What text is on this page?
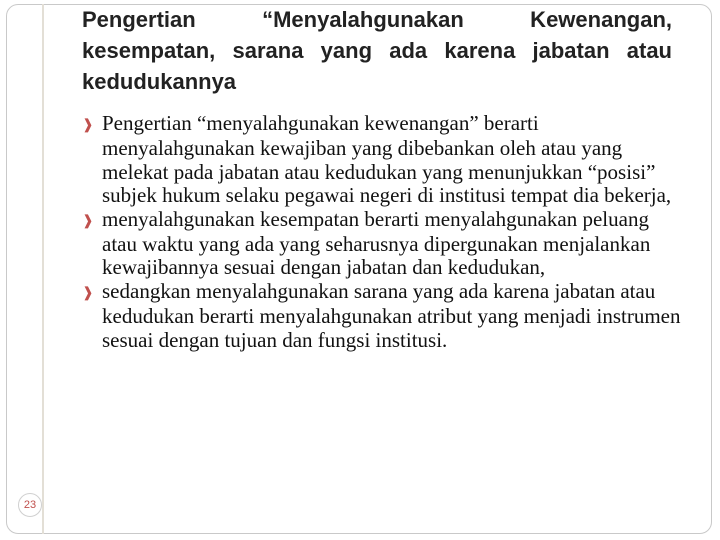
Pengertian “Menyalahgunakan Kewenangan, kesempatan, sarana yang ada karena jabatan atau kedudukannya
❱ Pengertian “menyalahgunakan kewenangan” berarti menyalahgunakan kewajiban yang dibebankan oleh atau yang melekat pada jabatan atau kedudukan yang menunjukkan “posisi” subjek hukum selaku pegawai negeri di institusi tempat dia bekerja,
❱ menyalahgunakan kesempatan berarti menyalahgunakan peluang atau waktu yang ada yang seharusnya dipergunakan menjalankan kewajibannya sesuai dengan jabatan dan kedudukan,
❱ sedangkan menyalahgunakan sarana yang ada karena jabatan atau kedudukan berarti menyalahgunakan atribut yang menjadi instrumen sesuai dengan tujuan dan fungsi institusi.
23
